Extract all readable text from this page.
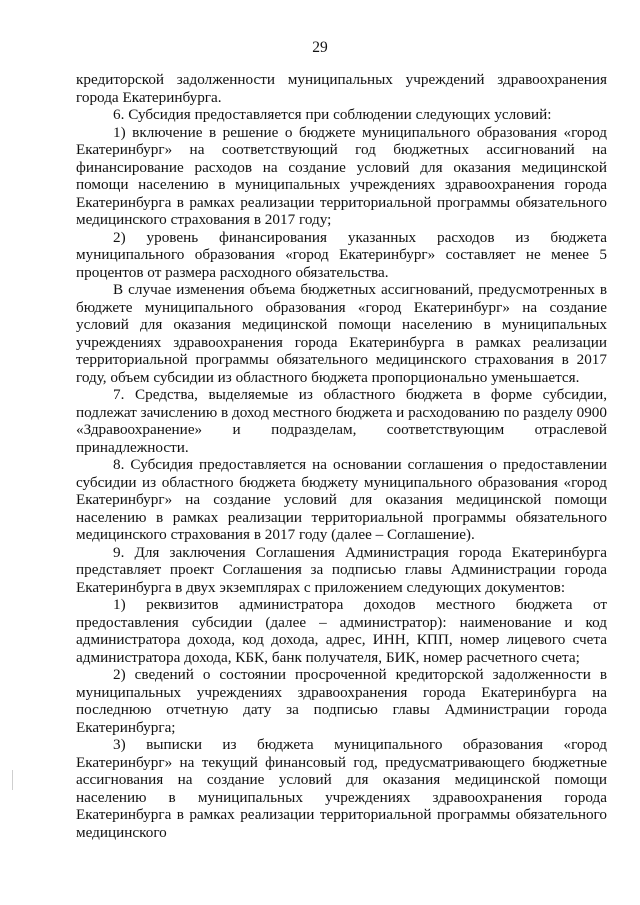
29

кредиторской задолженности муниципальных учреждений здравоохранения города Екатеринбурга.

6. Субсидия предоставляется при соблюдении следующих условий:

1) включение в решение о бюджете муниципального образования «город Екатеринбург» на соответствующий год бюджетных ассигнований на финансирование расходов на создание условий для оказания медицинской помощи населению в муниципальных учреждениях здравоохранения города Екатеринбурга в рамках реализации территориальной программы обязательного медицинского страхования в 2017 году;

2) уровень финансирования указанных расходов из бюджета муниципального образования «город Екатеринбург» составляет не менее 5 процентов от размера расходного обязательства.

В случае изменения объема бюджетных ассигнований, предусмотренных в бюджете муниципального образования «город Екатеринбург» на создание условий для оказания медицинской помощи населению в муниципальных учреждениях здравоохранения города Екатеринбурга в рамках реализации территориальной программы обязательного медицинского страхования в 2017 году, объем субсидии из областного бюджета пропорционально уменьшается.

7. Средства, выделяемые из областного бюджета в форме субсидии, подлежат зачислению в доход местного бюджета и расходованию по разделу 0900 «Здравоохранение» и подразделам, соответствующим отраслевой принадлежности.

8. Субсидия предоставляется на основании соглашения о предоставлении субсидии из областного бюджета бюджету муниципального образования «город Екатеринбург» на создание условий для оказания медицинской помощи населению в рамках реализации территориальной программы обязательного медицинского страхования в 2017 году (далее – Соглашение).

9. Для заключения Соглашения Администрация города Екатеринбурга представляет проект Соглашения за подписью главы Администрации города Екатеринбурга в двух экземплярах с приложением следующих документов:

1) реквизитов администратора доходов местного бюджета от предоставления субсидии (далее – администратор): наименование и код администратора дохода, код дохода, адрес, ИНН, КПП, номер лицевого счета администратора дохода, КБК, банк получателя, БИК, номер расчетного счета;

2) сведений о состоянии просроченной кредиторской задолженности в муниципальных учреждениях здравоохранения города Екатеринбурга на последнюю отчетную дату за подписью главы Администрации города Екатеринбурга;

3) выписки из бюджета муниципального образования «город Екатеринбург» на текущий финансовый год, предусматривающего бюджетные ассигнования на создание условий для оказания медицинской помощи населению в муниципальных учреждениях здравоохранения города Екатеринбурга в рамках реализации территориальной программы обязательного медицинского
